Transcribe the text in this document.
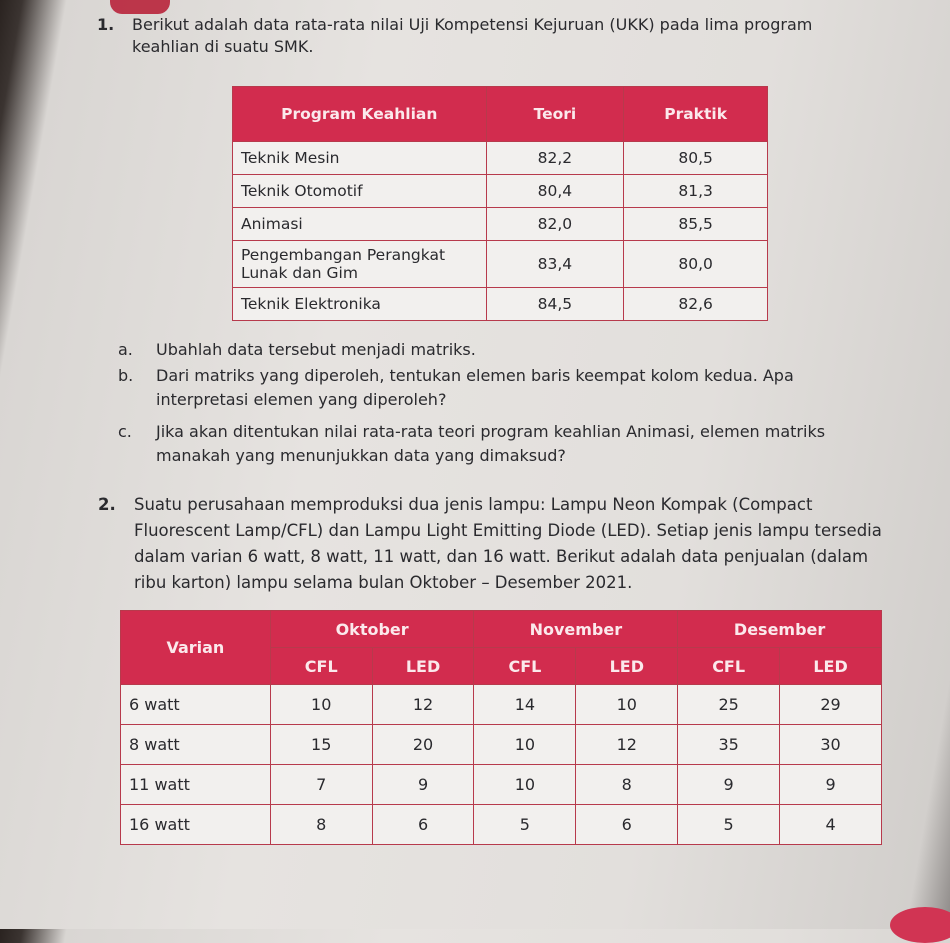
1. Berikut adalah data rata-rata nilai Uji Kompetensi Kejuruan (UKK) pada lima program keahlian di suatu SMK.
Program Keahlian	Teori	Praktik
Teknik Mesin	82,2	80,5
Teknik Otomotif	80,4	81,3
Animasi	82,0	85,5
Pengembangan Perangkat Lunak dan Gim	83,4	80,0
Teknik Elektronika	84,5	82,6
a. Ubahlah data tersebut menjadi matriks.
b. Dari matriks yang diperoleh, tentukan elemen baris keempat kolom kedua. Apa interpretasi elemen yang diperoleh?
c. Jika akan ditentukan nilai rata-rata teori program keahlian Animasi, elemen matriks manakah yang menunjukkan data yang dimaksud?
2. Suatu perusahaan memproduksi dua jenis lampu: Lampu Neon Kompak (Compact Fluorescent Lamp/CFL) dan Lampu Light Emitting Diode (LED). Setiap jenis lampu tersedia dalam varian 6 watt, 8 watt, 11 watt, dan 16 watt. Berikut adalah data penjualan (dalam ribu karton) lampu selama bulan Oktober – Desember 2021.
Varian	Oktober		November		Desember	
	CFL	LED	CFL	LED	CFL	LED
6 watt	10	12	14	10	25	29
8 watt	15	20	10	12	35	30
11 watt	7	9	10	8	9	9
16 watt	8	6	5	6	5	4
